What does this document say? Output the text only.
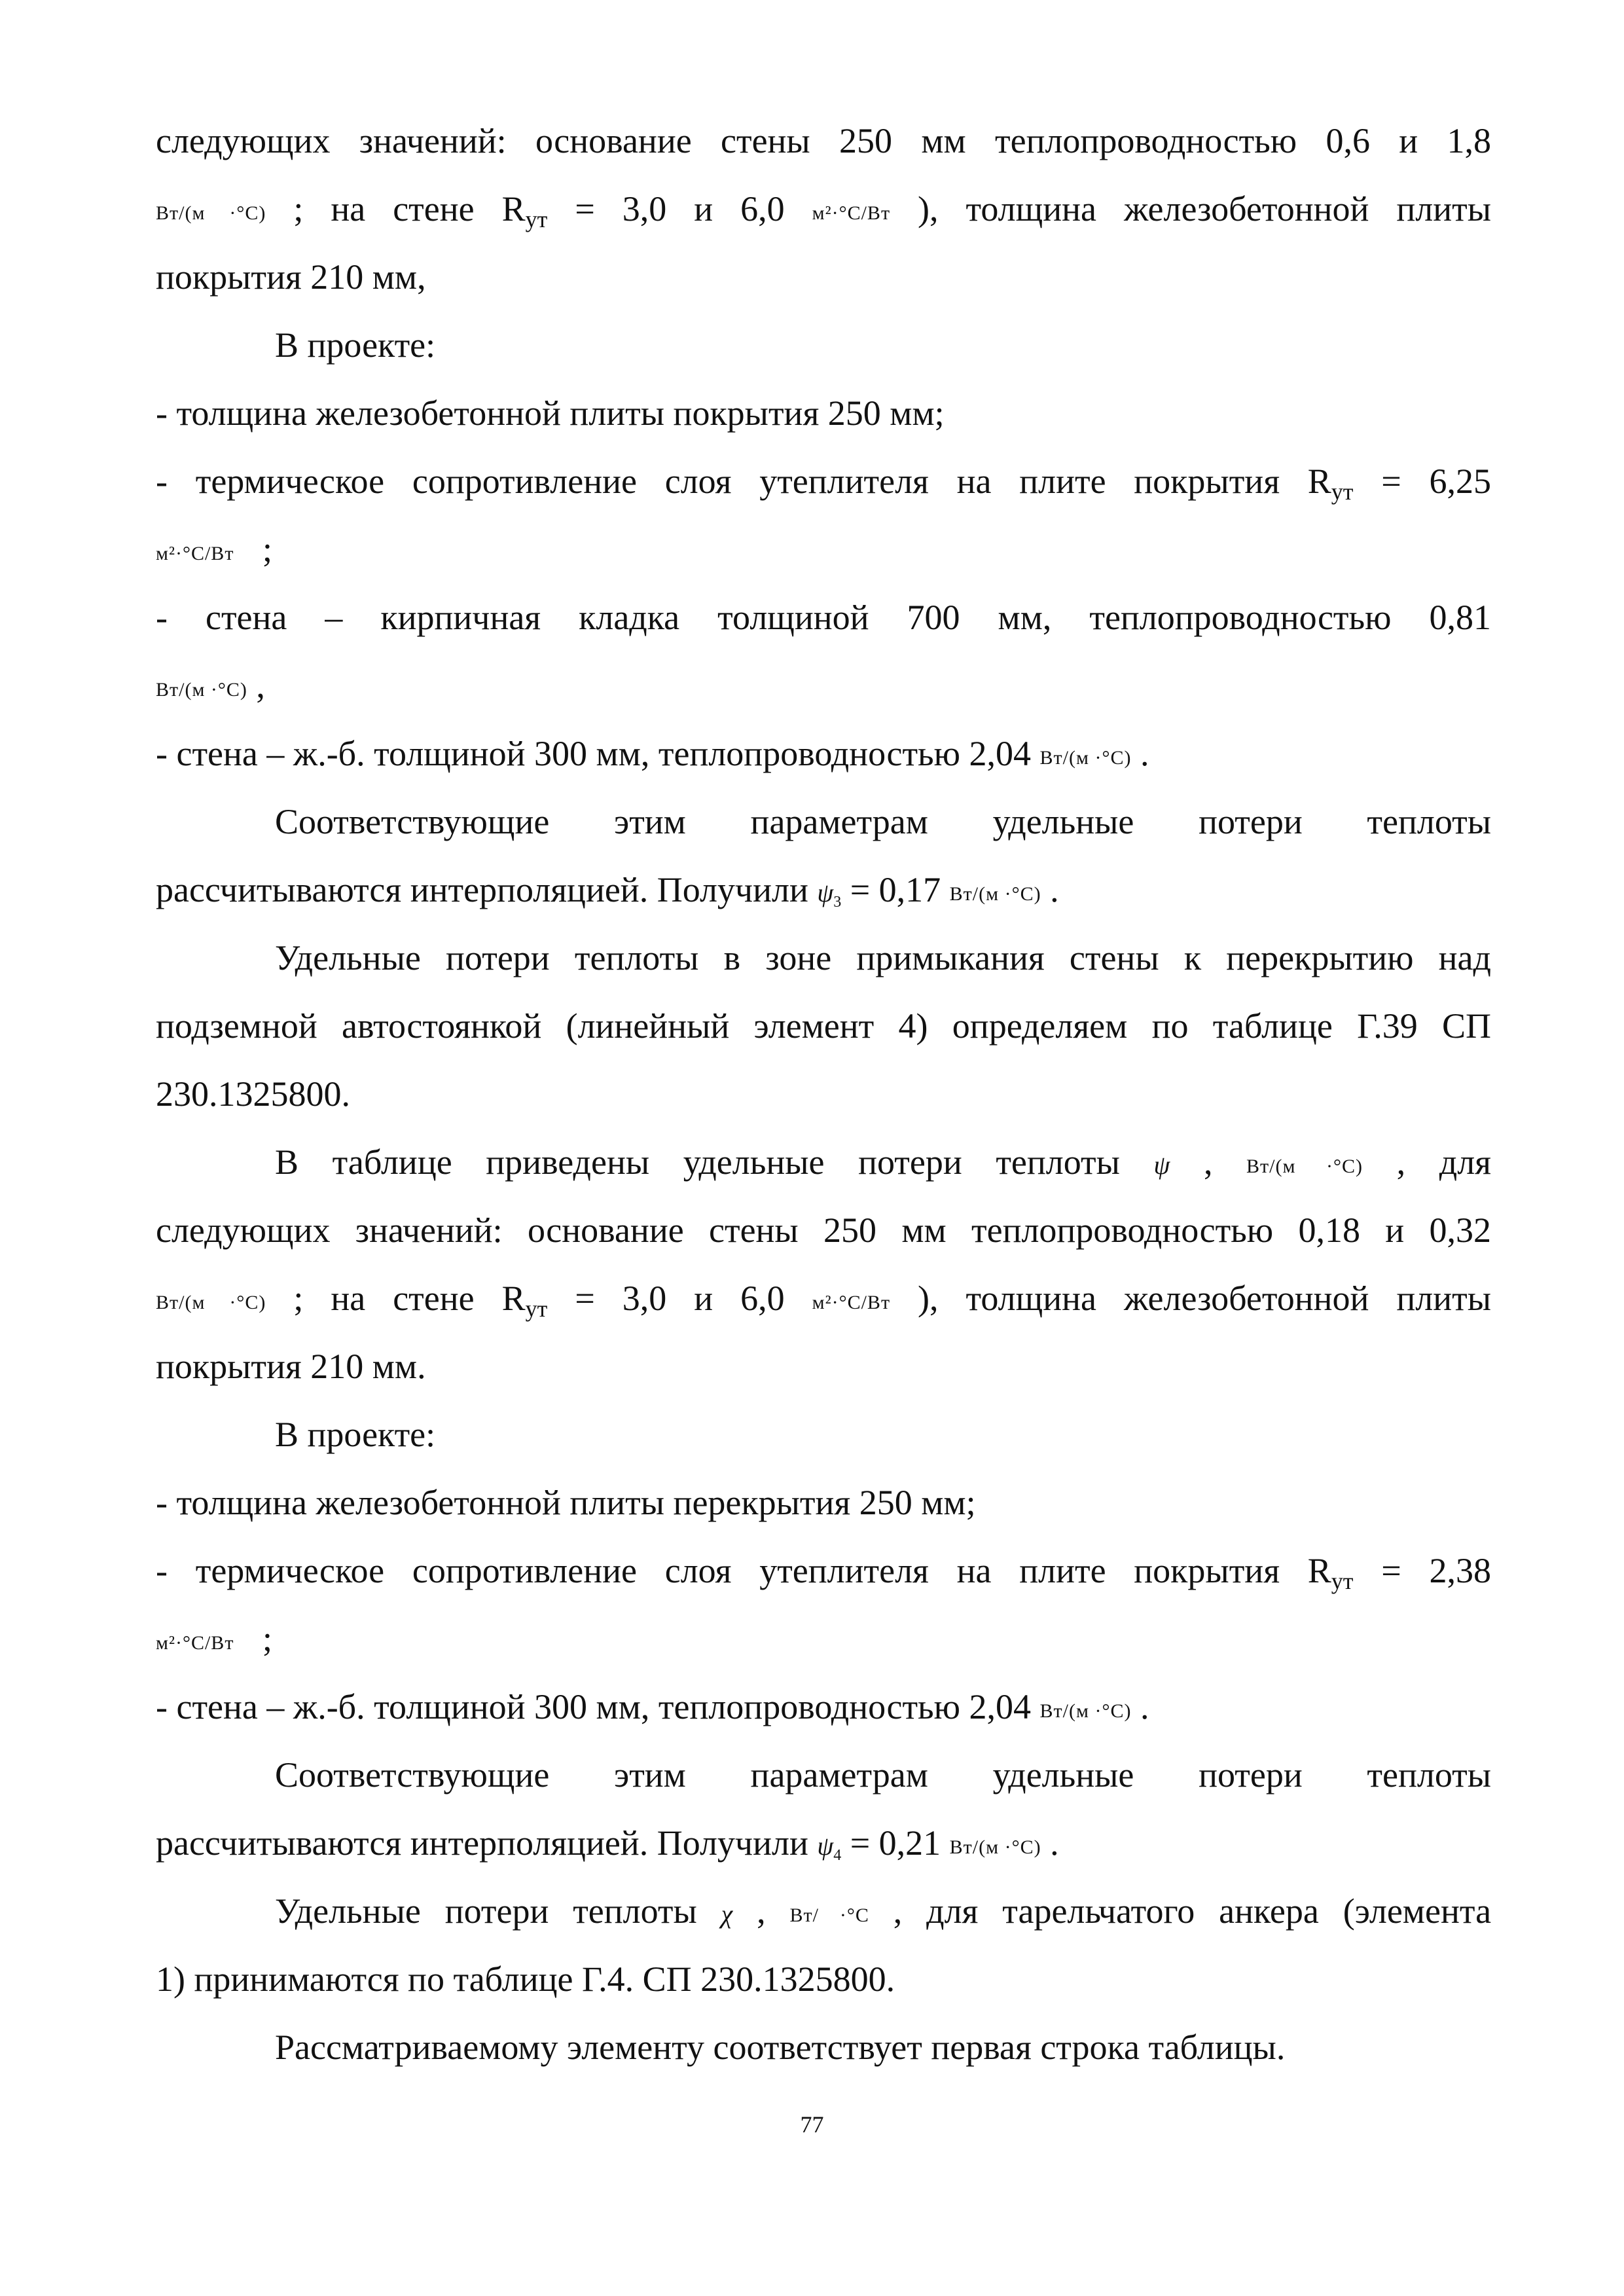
следующих значений: основание стены 250 мм теплопроводностью 0,6 и 1,8
Вт/(м ·°С) ; на стене $R_{ут} = 3,0$ и 6,0 м²·°С/Вт ), толщина железобетонной плиты
покрытия 210 мм,
В проекте:
- толщина железобетонной плиты покрытия 250 мм;
- термическое сопротивление слоя утеплителя на плите покрытия $R_{ут} = 6,25$
м²·°С/Вт ;
- стена – кирпичная кладка толщиной 700 мм, теплопроводностью 0,81
Вт/(м ·°С) ,
- стена – ж.-б. толщиной 300 мм, теплопроводностью 2,04 Вт/(м ·°С) .
Соответствующие этим параметрам удельные потери теплоты
рассчитываются интерполяцией. Получили ψ3 = 0,17 Вт/(м ·°С) .
Удельные потери теплоты в зоне примыкания стены к перекрытию над
подземной автостоянкой (линейный элемент 4) определяем по таблице Г.39 СП
230.1325800.
В таблице приведены удельные потери теплоты ψ , Вт/(м ·°С) , для
следующих значений: основание стены 250 мм теплопроводностью 0,18 и 0,32
Вт/(м ·°С) ; на стене $R_{ут} = 3,0$ и 6,0 м²·°С/Вт ), толщина железобетонной плиты
покрытия 210 мм.
В проекте:
- толщина железобетонной плиты перекрытия 250 мм;
- термическое сопротивление слоя утеплителя на плите покрытия $R_{ут} = 2,38$
м²·°С/Вт ;
- стена – ж.-б. толщиной 300 мм, теплопроводностью 2,04 Вт/(м ·°С) .
Соответствующие этим параметрам удельные потери теплоты
рассчитываются интерполяцией. Получили ψ4 = 0,21 Вт/(м ·°С) .
Удельные потери теплоты χ , Вт/ ·°С , для тарельчатого анкера (элемента
1) принимаются по таблице Г.4. СП 230.1325800.
Рассматриваемому элементу соответствует первая строка таблицы.
77
